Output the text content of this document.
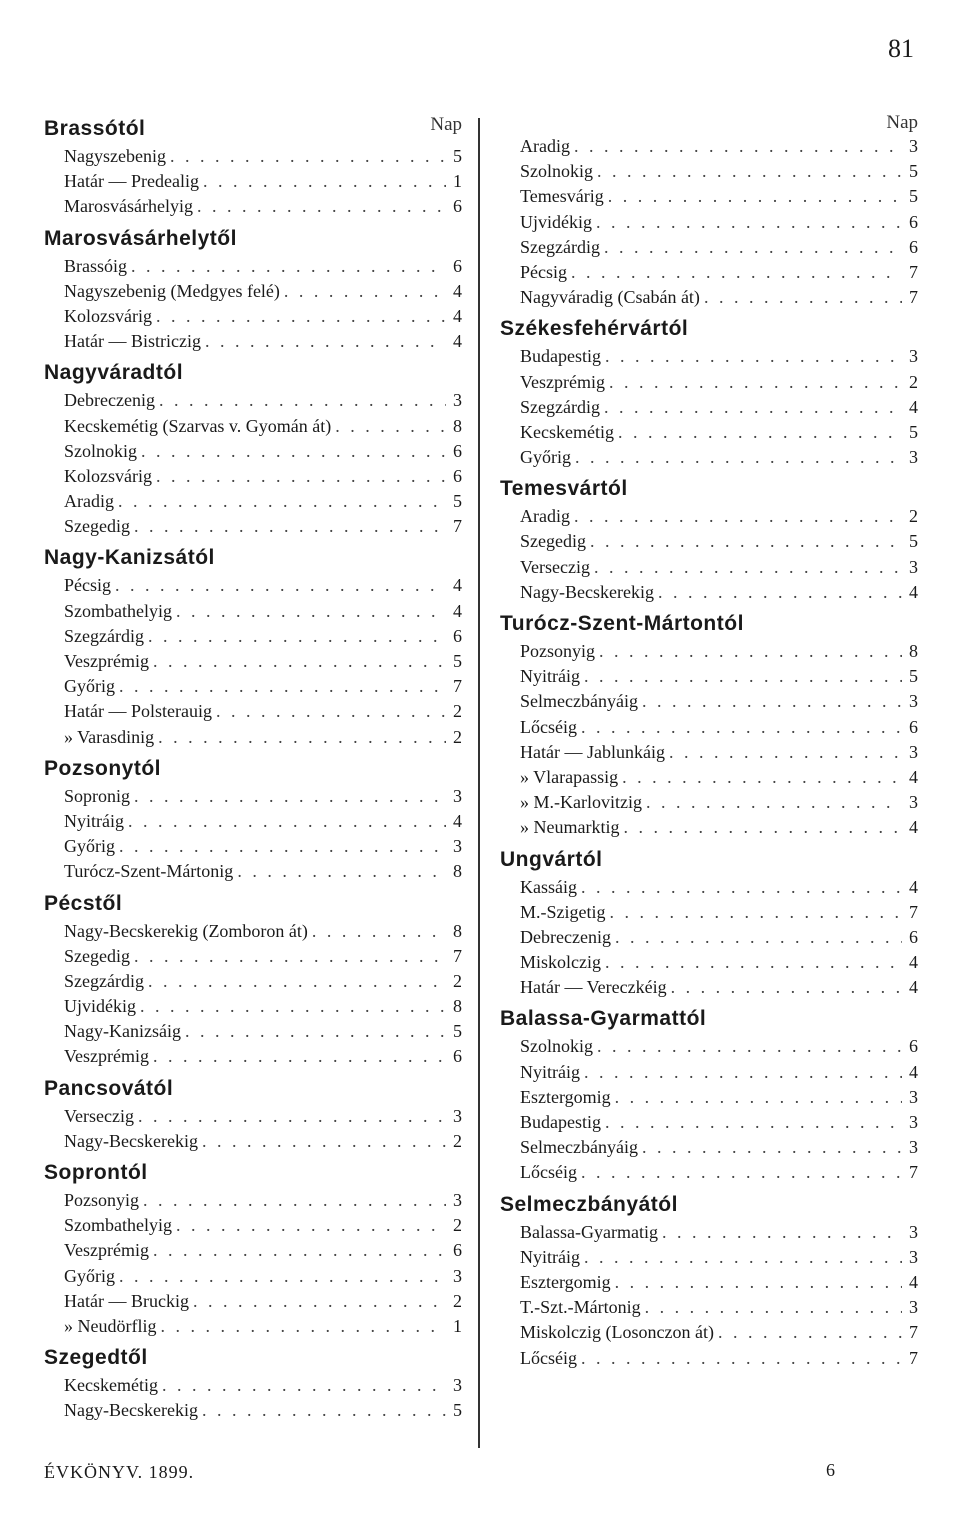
81
Nap
Brassótól
Nagyszebenig . . .	5
Határ — Predealig . . .	1
Marosvásárhelyig . . .	6
Marosvásárhelytől
Brassóig . . .	6
Nagyszebenig (Medgyes felé) . . .	4
Kolozsvárig . . .	4
Határ — Bistriczig . . .	4
Nagyváradtól
Debreczenig . . .	3
Kecskemétig (Szarvas v. Gyomán át) . . .	8
Szolnokig . . .	6
Kolozsvárig . . .	6
Aradig . . .	5
Szegedig . . .	7
Nagy-Kanizsától
Pécsig . . .	4
Szombathelyig . . .	4
Szegzárdig . . .	6
Veszprémig . . .	5
Győrig . . .	7
Határ — Polsterauig . . .	2
» Varasdinig . . .	2
Pozsonytól
Sopronig . . .	3
Nyitráig . . .	4
Győrig . . .	3
Turócz-Szent-Mártonig . . .	8
Pécstől
Nagy-Becskerekig (Zomboron át) . . .	8
Szegedig . . .	7
Szegzárdig . . .	2
Ujvidékig . . .	8
Nagy-Kanizsáig . . .	5
Veszprémig . . .	6
Pancsovától
Verseczig . . .	3
Nagy-Becskerekig . . .	2
Soprontól
Pozsonyig . . .	3
Szombathelyig . . .	2
Veszprémig . . .	6
Győrig . . .	3
Határ — Bruckig . . .	2
» Neudörflig . . .	1
Szegedtől
Kecskemétig . . .	3
Nagy-Becskerekig . . .	5
Nap
Aradig . . .	3
Szolnokig . . .	5
Temesvárig . . .	5
Ujvidékig . . .	6
Szegzárdig . . .	6
Pécsig . . .	7
Nagyváradig (Csabán át) . . .	7
Székesfehérvártól
Budapestig . . .	3
Veszprémig . . .	2
Szegzárdig . . .	4
Kecskemétig . . .	5
Győrig . . .	3
Temesvártól
Aradig . . .	2
Szegedig . . .	5
Verseczig . . .	3
Nagy-Becskerekig . . .	4
Turócz-Szent-Mártontól
Pozsonyig . . .	8
Nyitráig . . .	5
Selmeczbányáig . . .	3
Lőcséig . . .	6
Határ — Jablunkáig . . .	3
» Vlarapassig . . .	4
» M.-Karlovitzig . . .	3
» Neumarktig . . .	4
Ungvártól
Kassáig . . .	4
M.-Szigetig . . .	7
Debreczenig . . .	6
Miskolczig . . .	4
Határ — Vereczkéig . . .	4
Balassa-Gyarmattól
Szolnokig . . .	6
Nyitráig . . .	4
Esztergomig . . .	3
Budapestig . . .	3
Selmeczbányáig . . .	3
Lőcséig . . .	7
Selmeczbányától
Balassa-Gyarmatig . . .	3
Nyitráig . . .	3
Esztergomig . . .	4
T.-Szt.-Mártonig . . .	3
Miskolczig (Losonczon át) . . .	7
Lőcséig . . .	7
ÉVKÖNYV. 1899.	6
